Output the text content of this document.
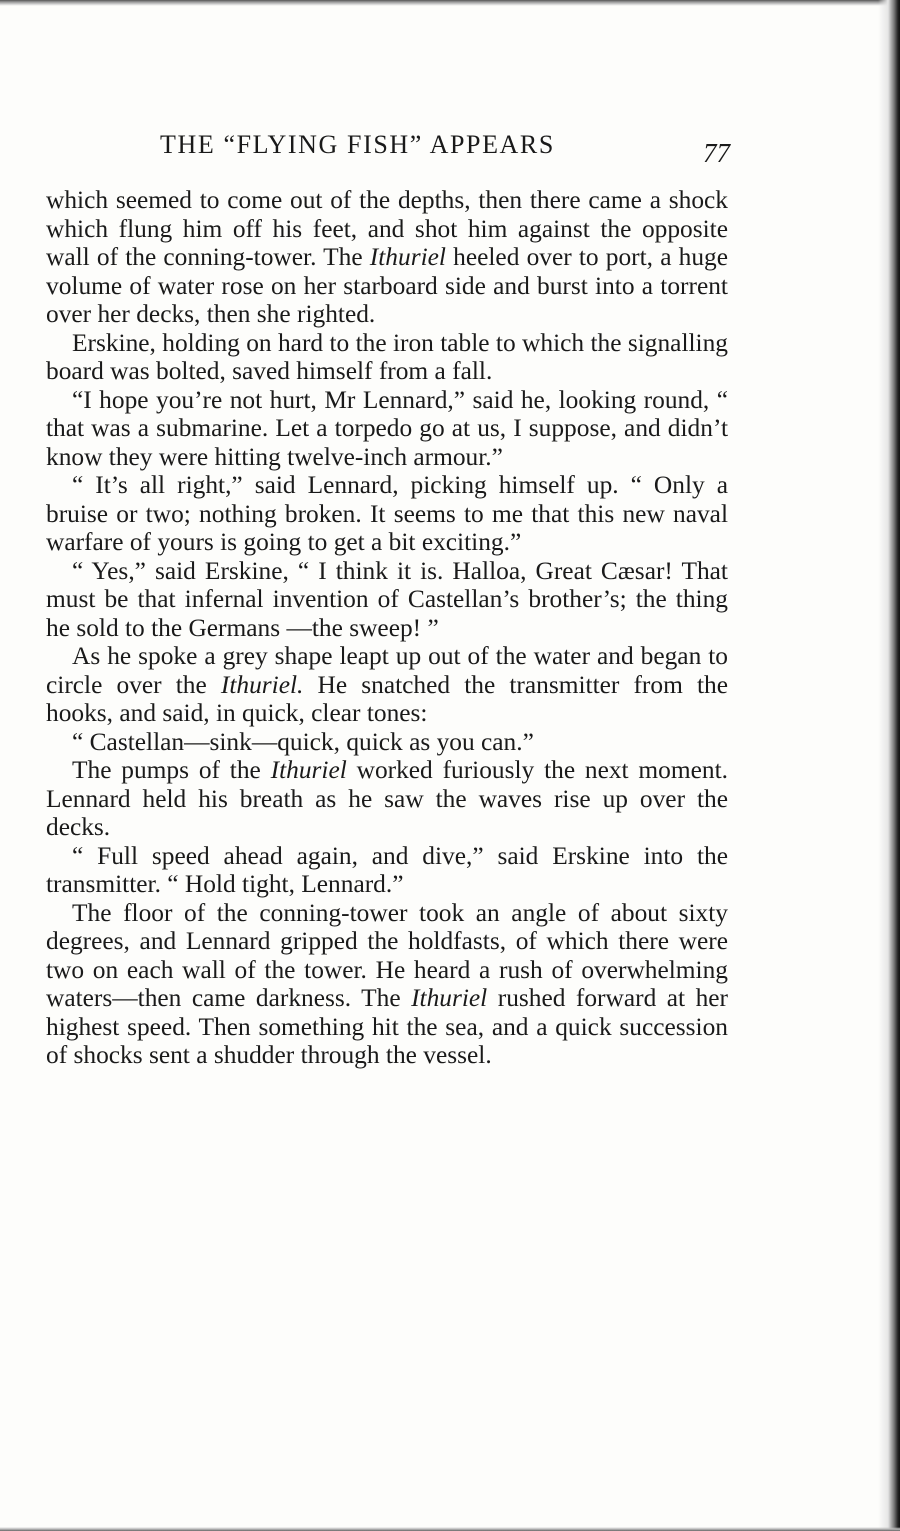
THE “FLYING FISH” APPEARS	77

which seemed to come out of the depths, then there came a shock which flung him off his feet, and shot him against the opposite wall of the conning-tower. The Ithuriel heeled over to port, a huge volume of water rose on her starboard side and burst into a torrent over her decks, then she righted.

Erskine, holding on hard to the iron table to which the signalling board was bolted, saved himself from a fall.

“I hope you’re not hurt, Mr Lennard,” said he, looking round, “ that was a submarine. Let a torpedo go at us, I suppose, and didn’t know they were hitting twelve-inch armour.”

“ It’s all right,” said Lennard, picking himself up. “ Only a bruise or two; nothing broken. It seems to me that this new naval warfare of yours is going to get a bit exciting.”

“ Yes,” said Erskine, “ I think it is. Halloa, Great Cæsar! That must be that infernal invention of Castellan’s brother’s; the thing he sold to the Germans —the sweep! ”

As he spoke a grey shape leapt up out of the water and began to circle over the Ithuriel. He snatched the transmitter from the hooks, and said, in quick, clear tones:

“ Castellan—sink—quick, quick as you can.”

The pumps of the Ithuriel worked furiously the next moment. Lennard held his breath as he saw the waves rise up over the decks.

“ Full speed ahead again, and dive,” said Erskine into the transmitter. “ Hold tight, Lennard.”

The floor of the conning-tower took an angle of about sixty degrees, and Lennard gripped the holdfasts, of which there were two on each wall of the tower. He heard a rush of overwhelming waters—then came darkness. The Ithuriel rushed forward at her highest speed. Then something hit the sea, and a quick succession of shocks sent a shudder through the vessel.
